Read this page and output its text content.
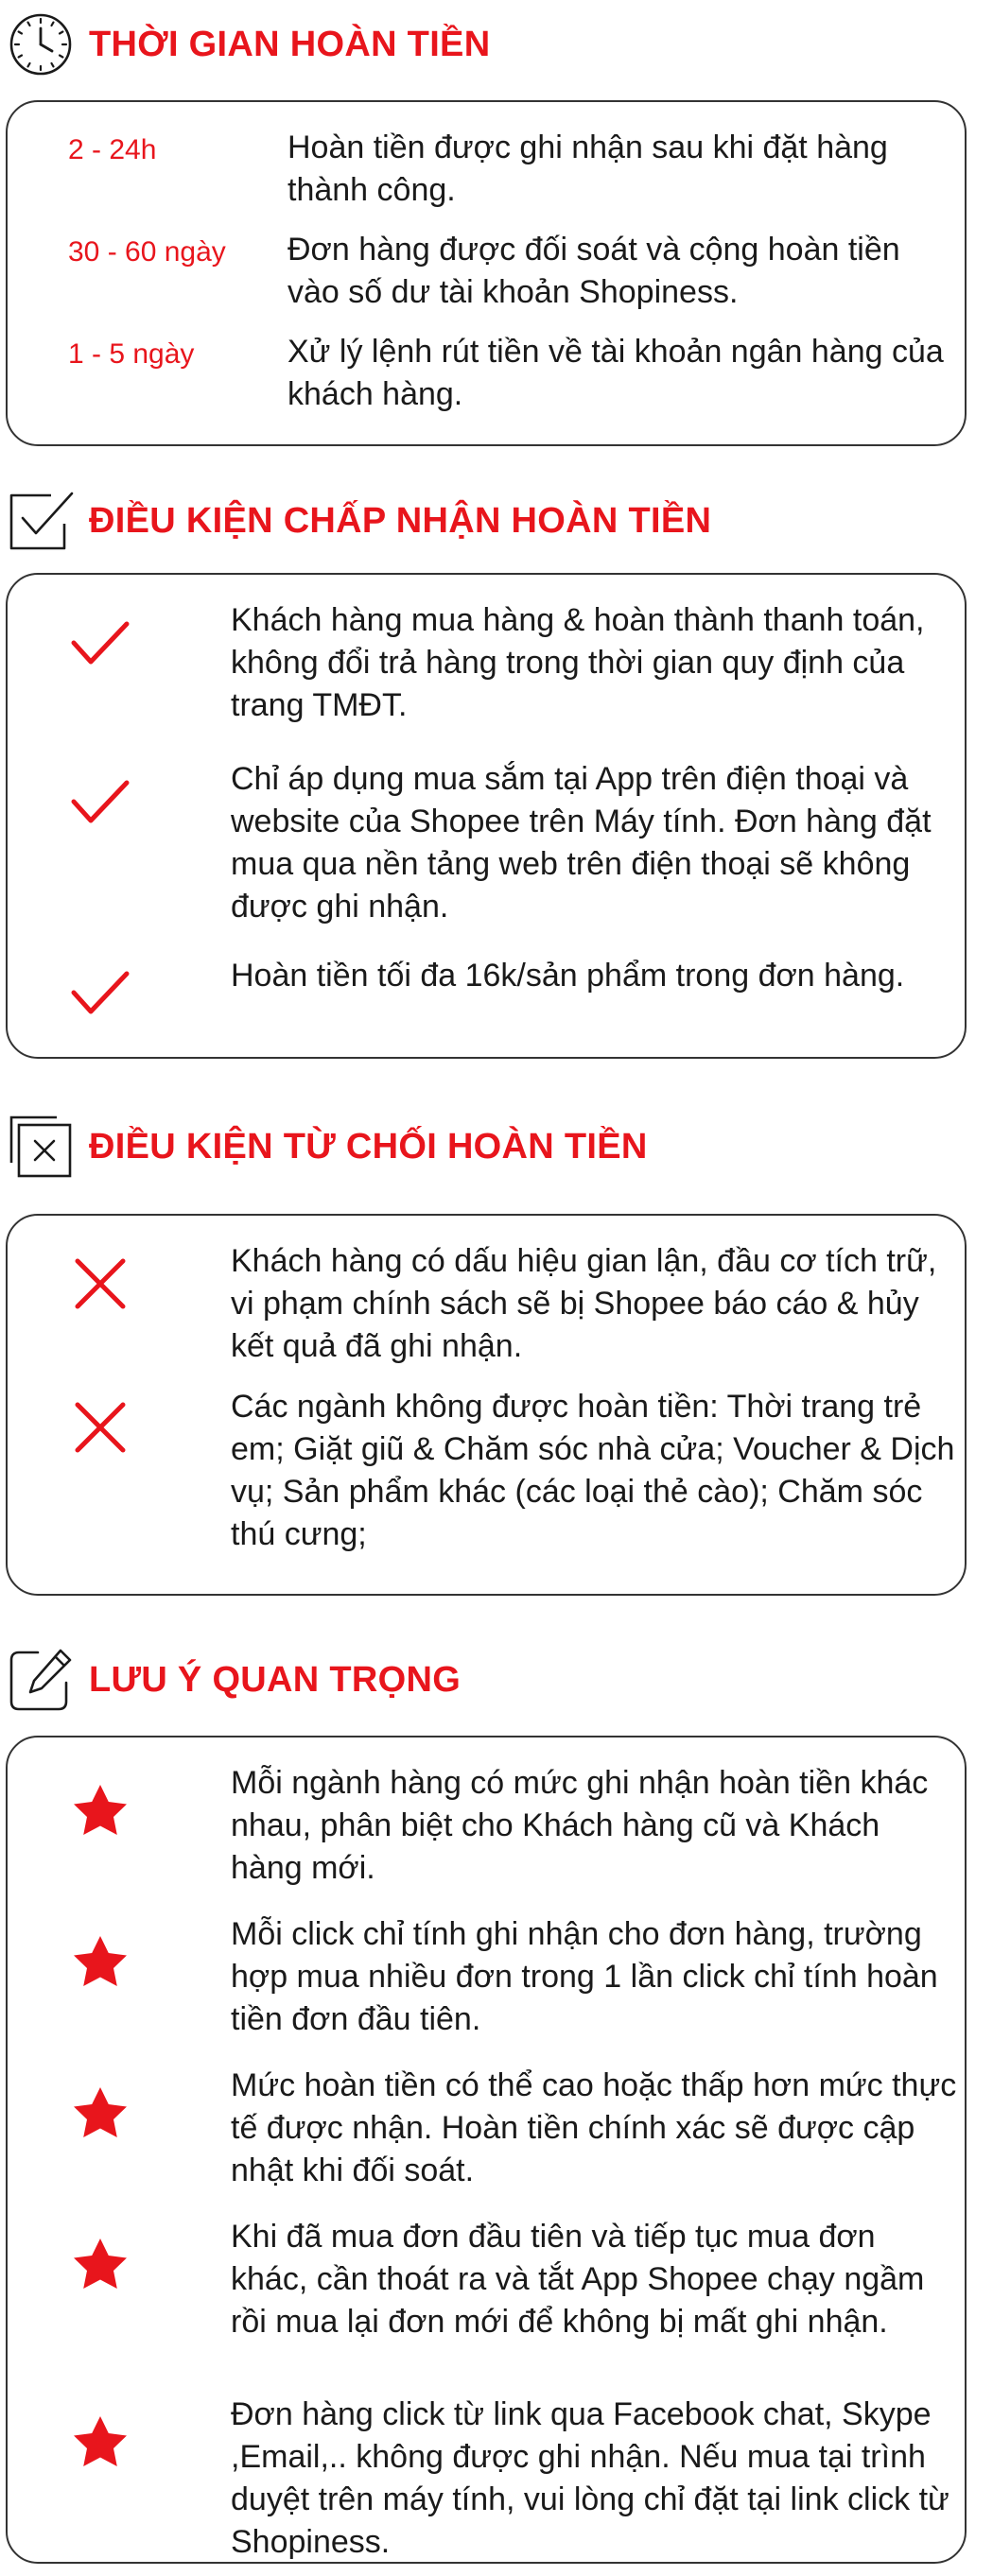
THỜI GIAN HOÀN TIỀN
2 - 24h	Hoàn tiền được ghi nhận sau khi đặt hàng thành công.
30 - 60 ngày Đơn hàng được đối soát và cộng hoàn tiền vào số dư tài khoản Shopiness.
1 - 5 ngày	Xử lý lệnh rút tiền về tài khoản ngân hàng của khách hàng.
ĐIỀU KIỆN CHẤP NHẬN HOÀN TIỀN
Khách hàng mua hàng & hoàn thành thanh toán, không đổi trả hàng trong thời gian quy định của trang TMĐT.
Chỉ áp dụng mua sắm tại App trên điện thoại và website của Shopee trên Máy tính. Đơn hàng đặt mua qua nền tảng web trên điện thoại sẽ không được ghi nhận.
Hoàn tiền tối đa 16k/sản phẩm trong đơn hàng.
ĐIỀU KIỆN TỪ CHỐI HOÀN TIỀN
Khách hàng có dấu hiệu gian lận, đầu cơ tích trữ, vi phạm chính sách sẽ bị Shopee báo cáo & hủy kết quả đã ghi nhận.
Các ngành không được hoàn tiền: Thời trang trẻ em; Giặt giũ & Chăm sóc nhà cửa; Voucher & Dịch vụ; Sản phẩm khác (các loại thẻ cào); Chăm sóc thú cưng;
LƯU Ý QUAN TRỌNG
Mỗi ngành hàng có mức ghi nhận hoàn tiền khác nhau, phân biệt cho Khách hàng cũ và Khách hàng mới.
Mỗi click chỉ tính ghi nhận cho đơn hàng, trường hợp mua nhiều đơn trong 1 lần click chỉ tính hoàn tiền đơn đầu tiên.
Mức hoàn tiền có thể cao hoặc thấp hơn mức thực tế được nhận. Hoàn tiền chính xác sẽ được cập nhật khi đối soát.
Khi đã mua đơn đầu tiên và tiếp tục mua đơn khác, cần thoát ra và tắt App Shopee chạy ngầm rồi mua lại đơn mới để không bị mất ghi nhận.
Đơn hàng click từ link qua Facebook chat, Skype ,Email,.. không được ghi nhận. Nếu mua tại trình duyệt trên máy tính, vui lòng chỉ đặt tại link click từ Shopiness.
